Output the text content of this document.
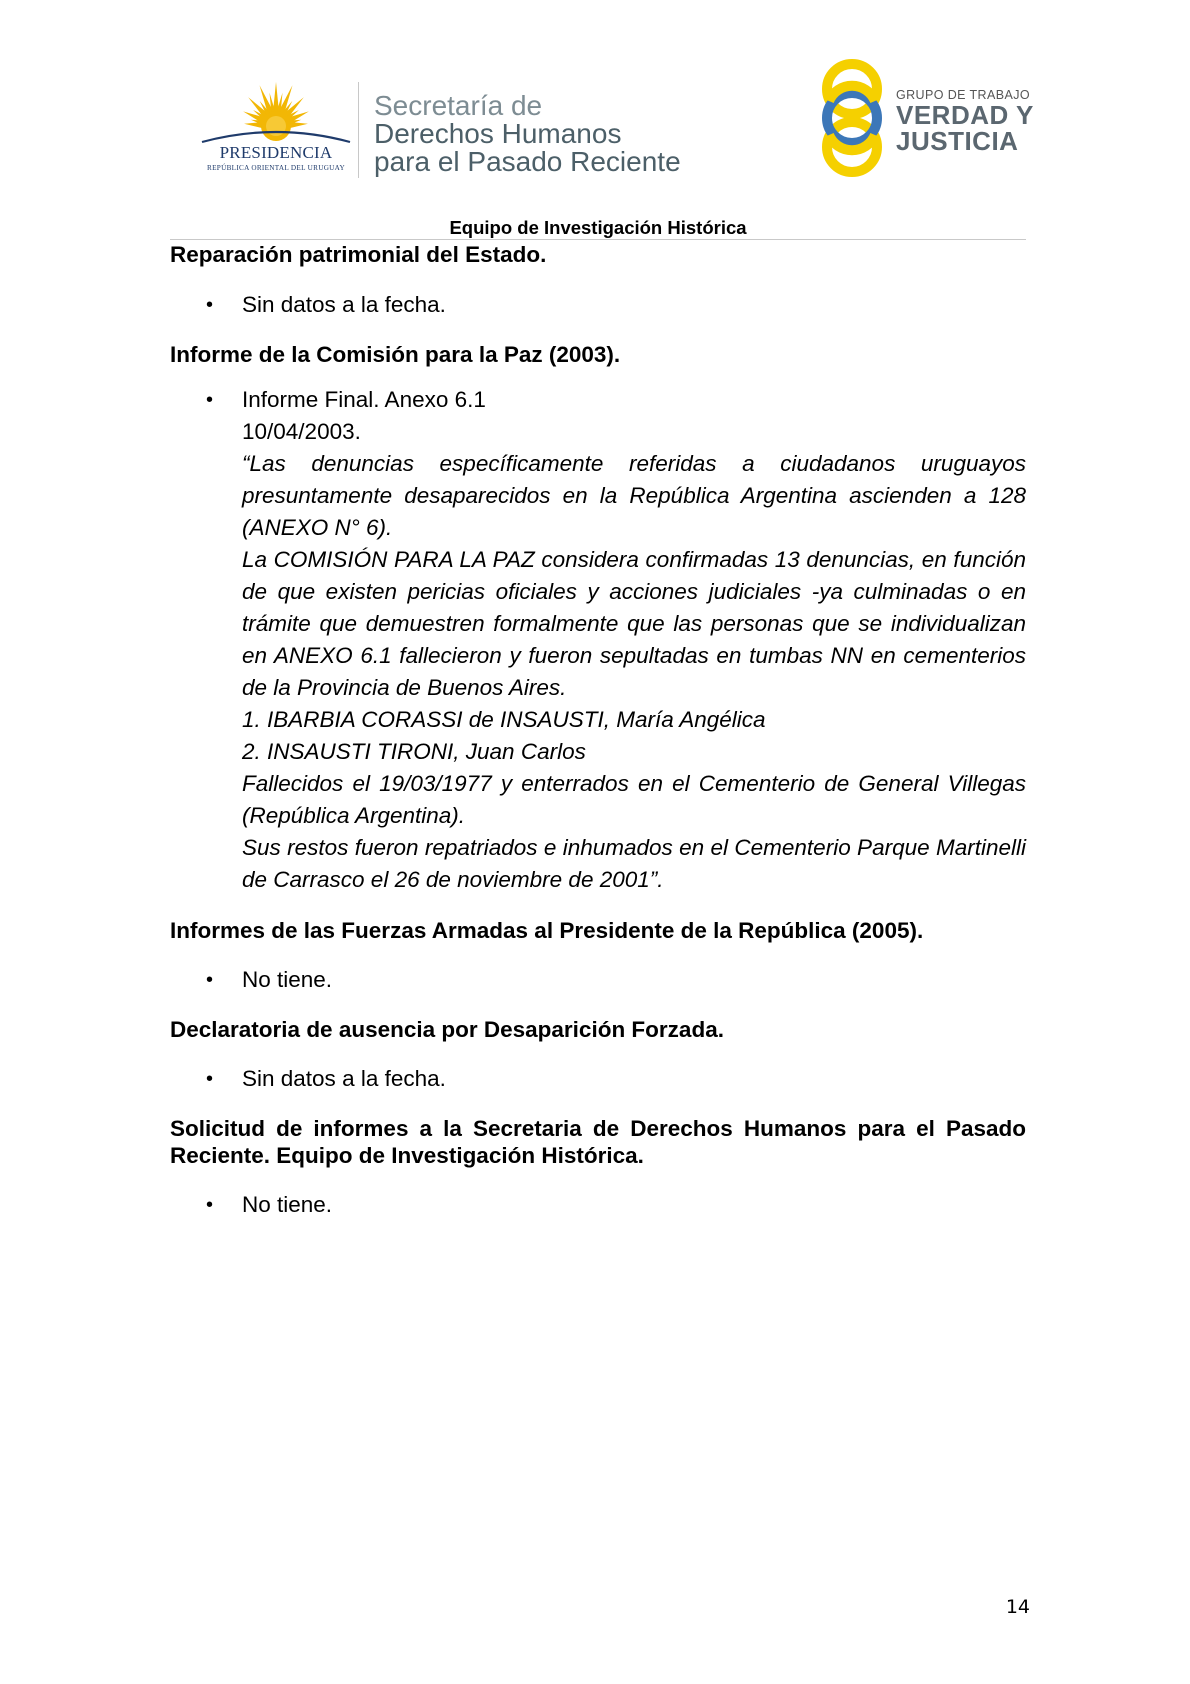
PRESIDENCIA
REPÚBLICA ORIENTAL DEL URUGUAY
Secretaría de
Derechos Humanos
para el Pasado Reciente
GRUPO DE TRABAJO
VERDAD Y
JUSTICIA
Equipo de Investigación Histórica

Reparación patrimonial del Estado.

• Sin datos a la fecha.

Informe de la Comisión para la Paz (2003).

• Informe Final. Anexo 6.1
10/04/2003.
“Las denuncias específicamente referidas a ciudadanos uruguayos presuntamente desaparecidos en la República Argentina ascienden a 128 (ANEXO N° 6).
La COMISIÓN PARA LA PAZ considera confirmadas 13 denuncias, en función de que existen pericias oficiales y acciones judiciales -ya culminadas o en trámite que demuestren formalmente que las personas que se individualizan en ANEXO 6.1 fallecieron y fueron sepultadas en tumbas NN en cementerios de la Provincia de Buenos Aires.
1. IBARBIA CORASSI de INSAUSTI, María Angélica
2. INSAUSTI TIRONI, Juan Carlos
Fallecidos el 19/03/1977 y enterrados en el Cementerio de General Villegas (República Argentina).
Sus restos fueron repatriados e inhumados en el Cementerio Parque Martinelli de Carrasco el 26 de noviembre de 2001”.

Informes de las Fuerzas Armadas al Presidente de la República (2005).

• No tiene.

Declaratoria de ausencia por Desaparición Forzada.

• Sin datos a la fecha.

Solicitud de informes a la Secretaria de Derechos Humanos para el Pasado Reciente. Equipo de Investigación Histórica.

• No tiene.
14
